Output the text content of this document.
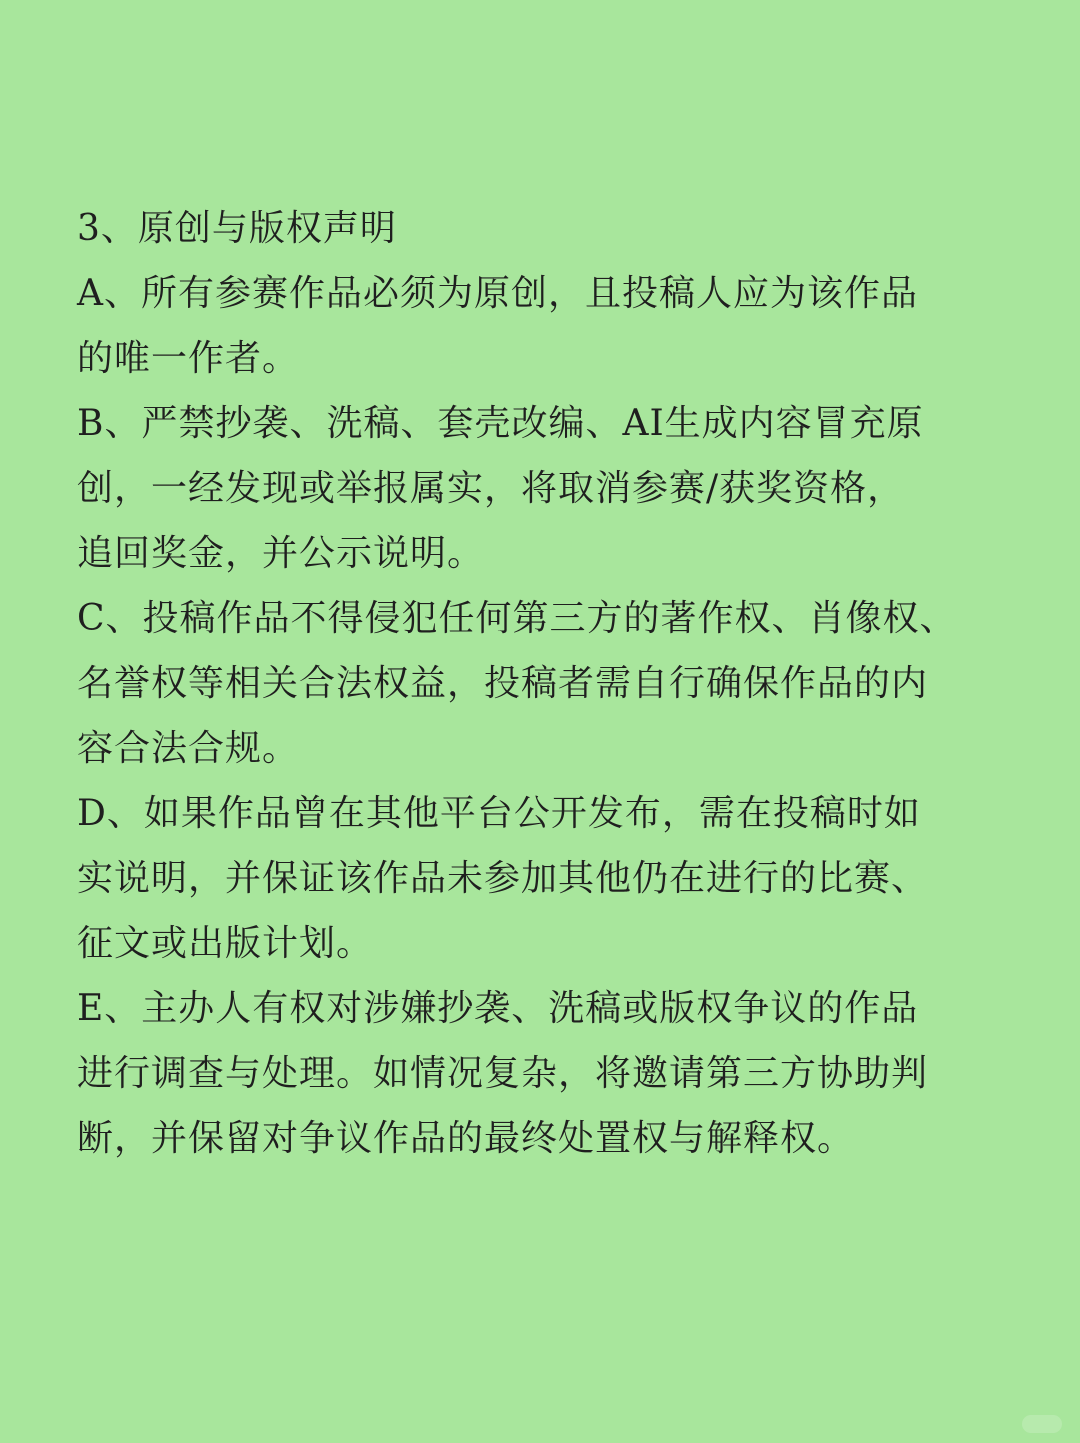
3、原创与版权声明

A、所有参赛作品必须为原创，且投稿人应为该作品
的唯一作者。

B、严禁抄袭、洗稿、套壳改编、AI生成内容冒充原
创，一经发现或举报属实，将取消参赛/获奖资格，
追回奖金，并公示说明。

C、投稿作品不得侵犯任何第三方的著作权、肖像权、
名誉权等相关合法权益，投稿者需自行确保作品的内
容合法合规。

D、如果作品曾在其他平台公开发布，需在投稿时如
实说明，并保证该作品未参加其他仍在进行的比赛、
征文或出版计划。

E、主办人有权对涉嫌抄袭、洗稿或版权争议的作品
进行调查与处理。如情况复杂，将邀请第三方协助判
断，并保留对争议作品的最终处置权与解释权。
